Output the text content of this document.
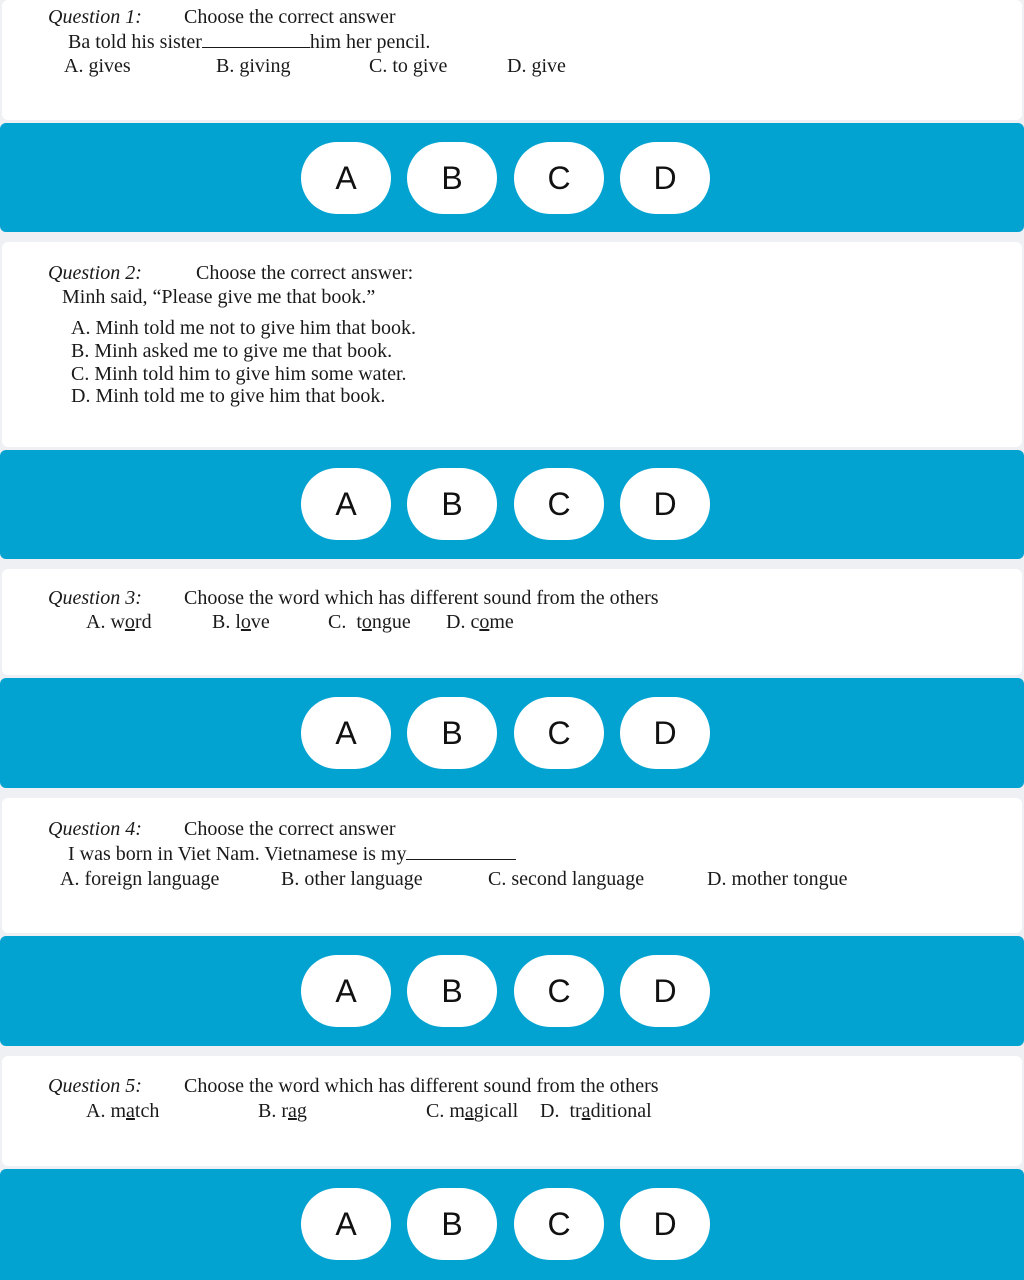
Question 1: Choose the correct answer
Ba told his sister	him her pencil.
A. gives	B. giving	C. to give	D. give
A	B	C	D
Question 2:	Choose the correct answer:
Minh said, “Please give me that book.”
A. Minh told me not to give him that book.
B. Minh asked me to give me that book.
C. Minh told him to give him some water.
D. Minh told me to give him that book.
A	B	C	D
Question 3: Choose the word which has different sound from the others
A. word	B. love	C.  tongue D. come
A	B	C	D
Question 4: Choose the correct answer
I was born in Viet Nam. Vietnamese is my
A. foreign language	B. other language	C. second language	D. mother tongue
A	B	C	D
Question 5: Choose the word which has different sound from the others
A. match	B. rag	C. magicall D.  traditional
A	B	C	D
